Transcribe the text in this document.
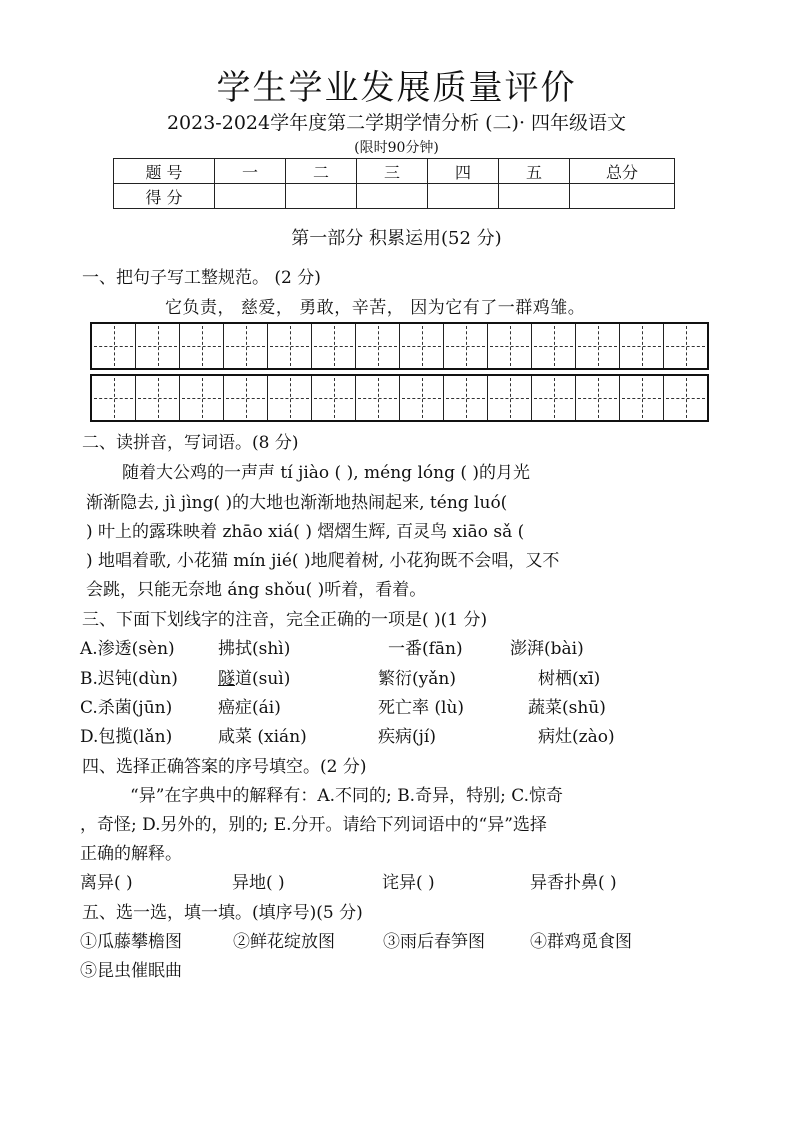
学生学业发展质量评价
2023-2024学年度第二学期学情分析 (二)· 四年级语文
(限时90分钟)
题 号	一	二	三	四	五	总分
得 分						
第一部分 积累运用(52 分)
一、把句子写工整规范。 (2 分)
它负责， 慈爱， 勇敢，辛苦， 因为它有了一群鸡雏。
二、读拼音，写词语。(8 分)
随着大公鸡的一声声 tí jiào ( ), méng lóng ( )的月光
渐渐隐去, jì jìng( )的大地也渐渐地热闹起来, téng luó(
) 叶上的露珠映着 zhāo xiá( ) 熠熠生辉, 百灵鸟 xiāo sǎ (
) 地唱着歌, 小花猫 mín jié( )地爬着树, 小花狗既不会唱，又不
会跳，只能无奈地 áng shǒu( )听着，看着。
三、下面下划线字的注音，完全正确的一项是( )(1 分)
A.渗透(sèn)	拂拭(shì)	一番(fān)	澎湃(bài)
B.迟钝(dùn) 隧道(suì)	繁衍(yǎn)	树栖(xī)
C.杀菌(jūn)	癌症(ái)	死亡率 (lù)	蔬菜(shū)
D.包揽(lǎn)	咸菜 (xián)	疾病(jí)	病灶(zào)
四、选择正确答案的序号填空。(2 分)
“异”在字典中的解释有：A.不同的; B.奇异，特别; C.惊奇
，奇怪; D.另外的，别的; E.分开。请给下列词语中的“异”选择
正确的解释。
离异( )	异地( )	诧异( )	异香扑鼻( )
五、选一选，填一填。(填序号)(5 分)
①瓜藤攀檐图	②鲜花绽放图	③雨后春笋图	④群鸡觅食图
⑤昆虫催眠曲
